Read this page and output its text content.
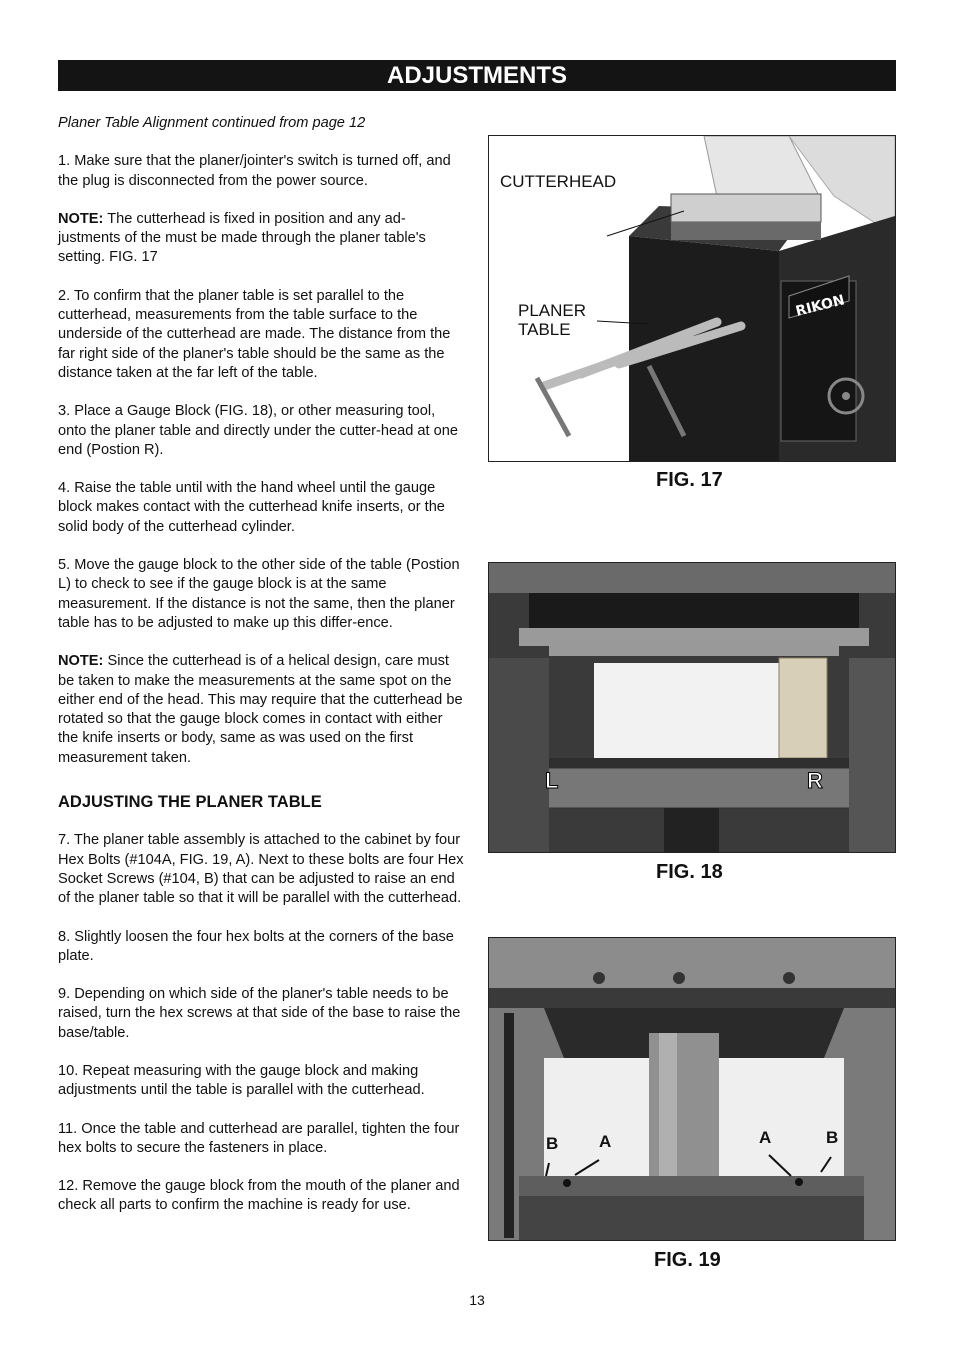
ADJUSTMENTS

Planer Table Alignment continued from page 12

1. Make sure that the planer/jointer's switch is turned off, and the plug is disconnected from the power source.

NOTE: The cutterhead is fixed in position and any ad-justments of the must be made through the planer table's setting. FIG. 17

2. To confirm that the planer table is set parallel to the cutterhead, measurements from the table surface to the underside of the cutterhead are made. The distance from the far right side of the planer's table should be the same as the distance taken at the far left of the table.

3. Place a Gauge Block (FIG. 18), or other measuring tool, onto the planer table and directly under the cutter-head at one end (Postion R).

4. Raise the table until with the hand wheel until the gauge block makes contact with the cutterhead knife inserts, or the solid body of the cutterhead cylinder.

5. Move the gauge block to the other side of the table (Postion L) to check to see if the gauge block is at the same measurement. If the distance is not the same, then the planer table has to be adjusted to make up this differ-ence.

NOTE: Since the cutterhead is of a helical design, care must be taken to make the measurements at the same spot on the either end of the head. This may require that the cutterhead be rotated so that the gauge block comes in contact with either the knife inserts or body, same as was used on the first measurement taken.

ADJUSTING THE PLANER TABLE

7. The planer table assembly is attached to the cabinet by four Hex Bolts (#104A, FIG. 19, A). Next to these bolts are four Hex Socket Screws (#104, B) that can be adjusted to raise an end of the planer table so that it will be parallel with the cutterhead.

8. Slightly loosen the four hex bolts at the corners of the base plate.

9. Depending on which side of the planer's table needs to be raised, turn the hex screws at that side of the base to raise the base/table.

10. Repeat measuring with the gauge block and making adjustments until the table is parallel with the cutterhead.

11. Once the table and cutterhead are parallel, tighten the four hex bolts to secure the fasteners in place.

12. Remove the gauge block from the mouth of the planer and check all parts to confirm the machine is ready for use.

RIKON
CUTTERHEAD
PLANER
TABLE
FIG. 17
L	R
FIG. 18
B A	A	B
FIG. 19
13
